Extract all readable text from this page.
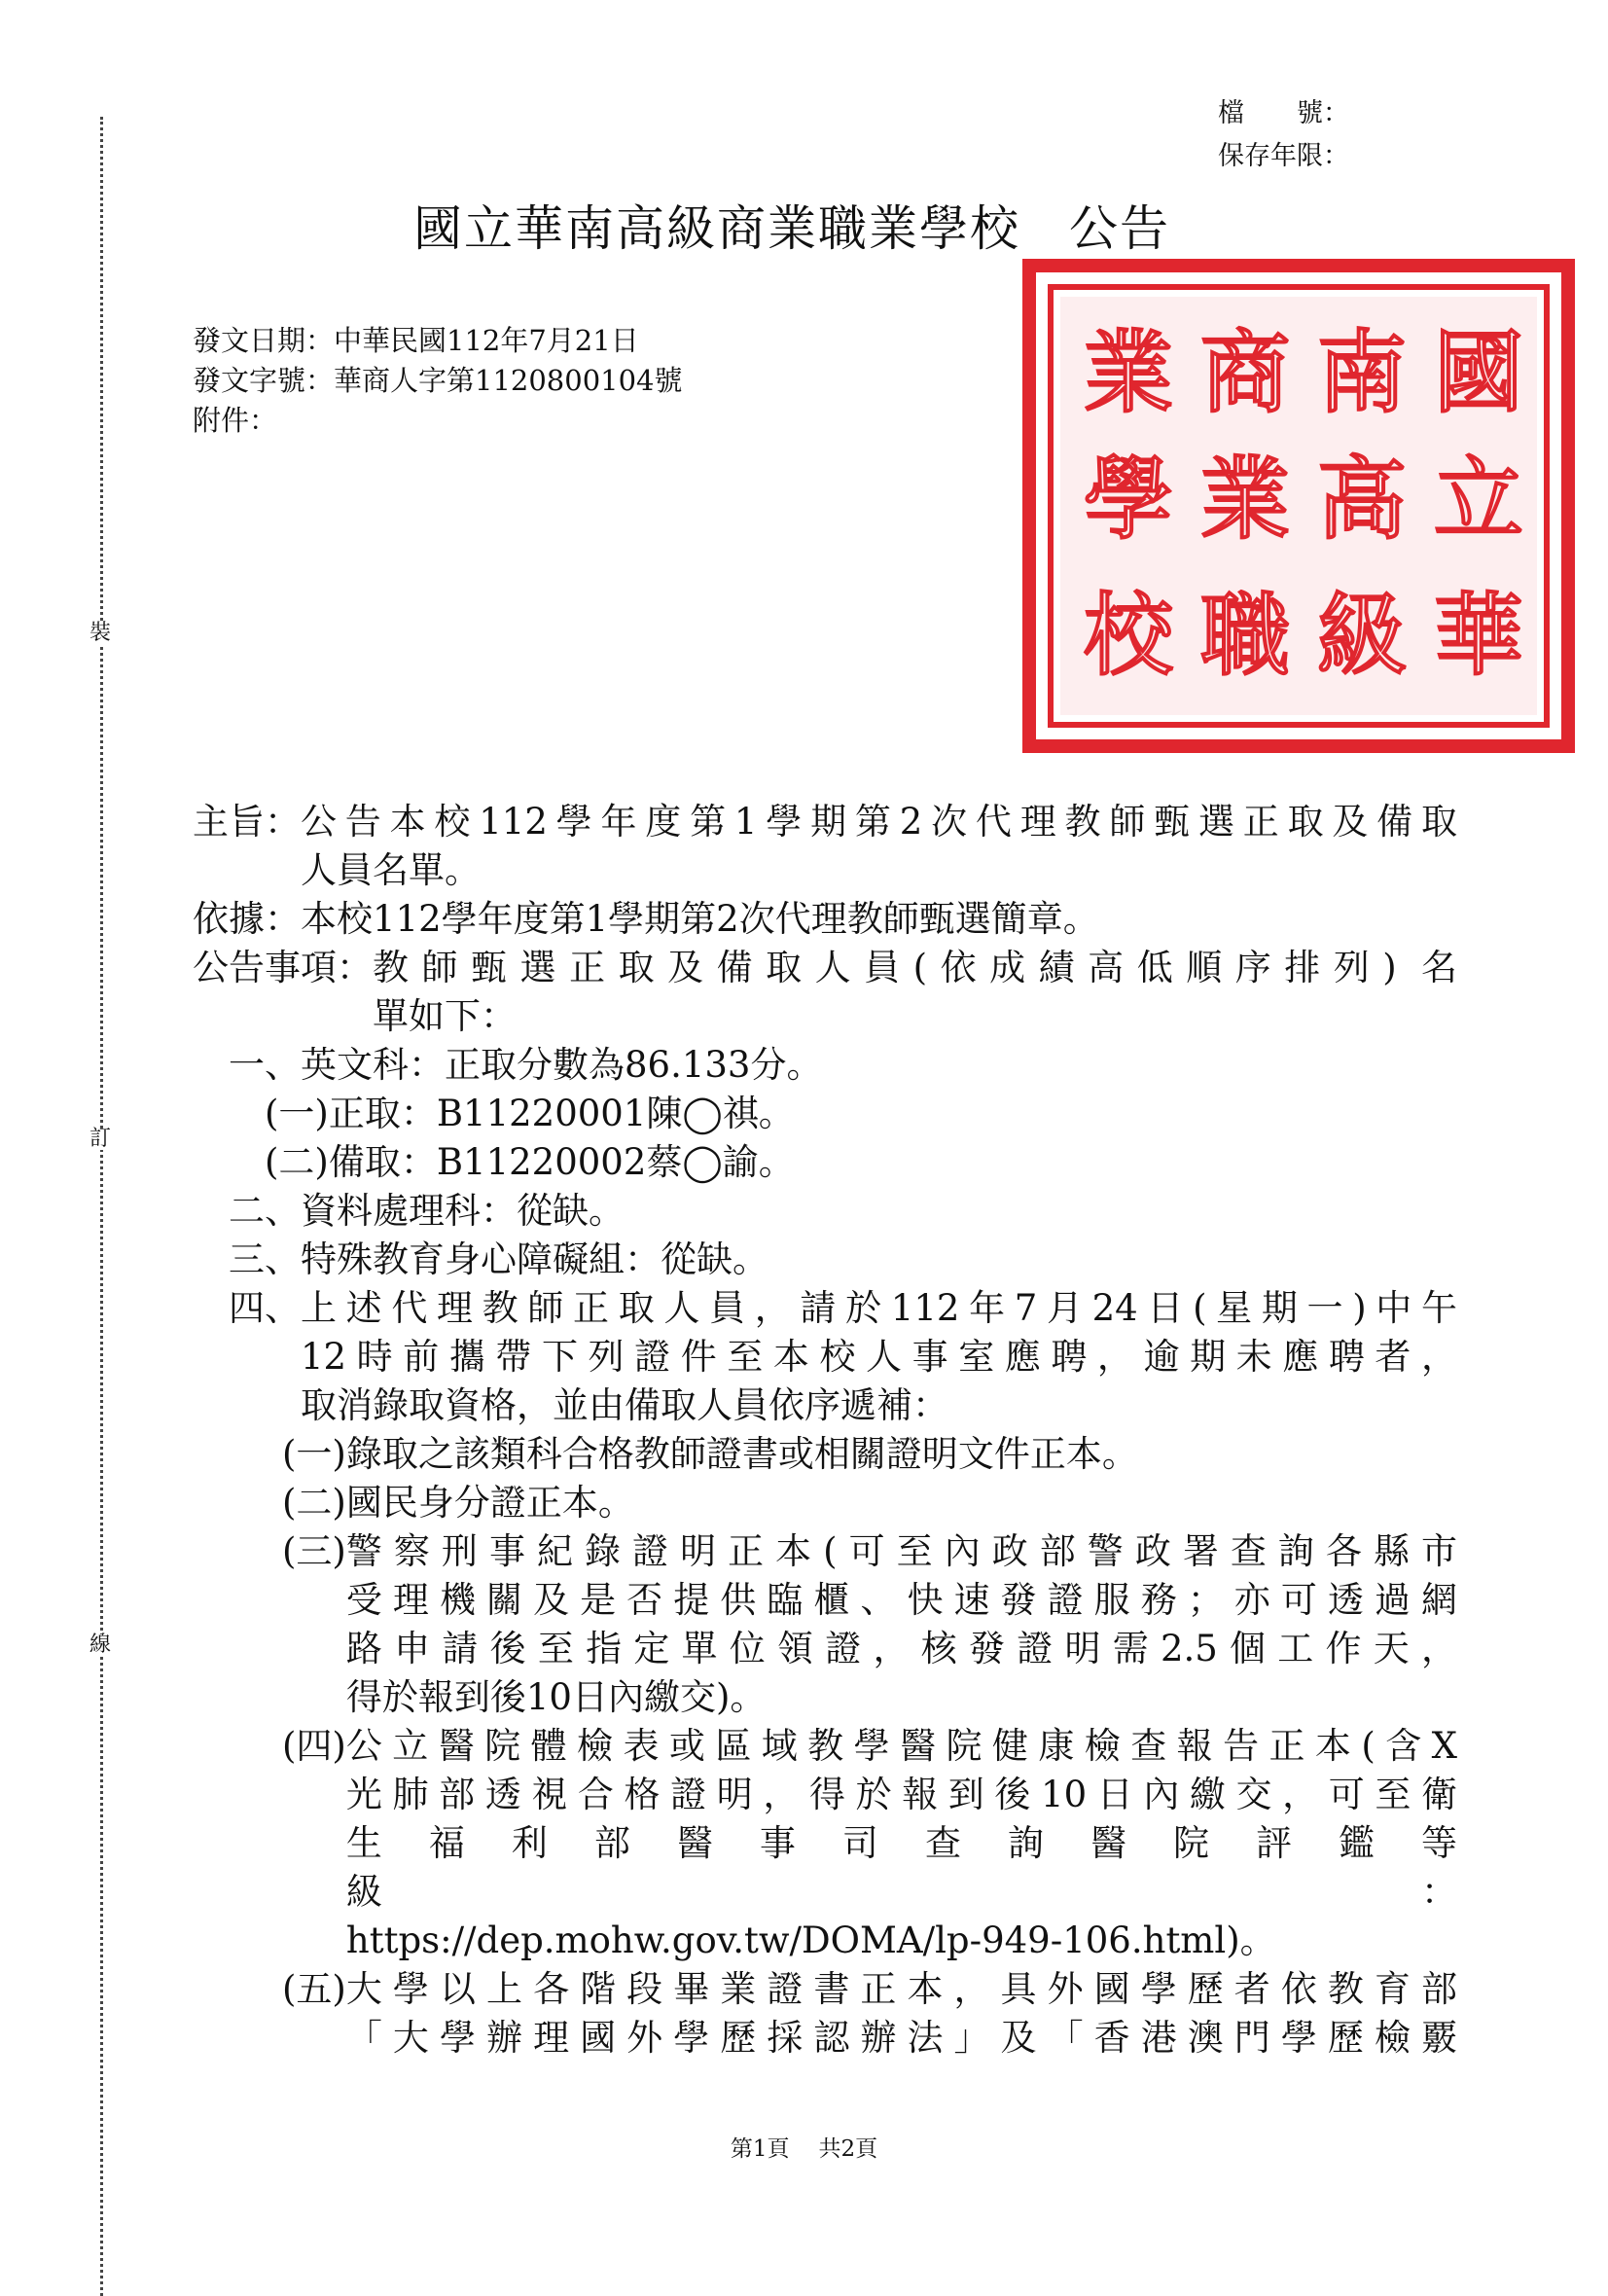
裝
訂
線
檔　　號：
保存年限：
國立華南高級商業職業學校 公告
發文日期：中華民國112年7月21日
發文字號：華商人字第1120800104號
附件：	國
立
華
南
高
級
商
業
職
業
學
校
主旨： 公告本校112學年度第1學期第2次代理教師甄選正取及備取
人員名單。
依據： 本校112學年度第1學期第2次代理教師甄選簡章。
公告事項： 教師甄選正取及備取人員(依成績高低順序排列) 名
單如下：
一、英文科：正取分數為86.133分。
(一)正取：B11220001陳◯祺。
(二)備取：B11220002蔡◯諭。
二、資料處理科：從缺。
三、特殊教育身心障礙組：從缺。
四、 上述代理教師正取人員，請於112年7月24日(星期一)中午
12時前攜帶下列證件至本校人事室應聘，逾期未應聘者，
取消錄取資格，並由備取人員依序遞補：
(一)錄取之該類科合格教師證書或相關證明文件正本。
(二)國民身分證正本。
(三) 警察刑事紀錄證明正本(可至內政部警政署查詢各縣市
受理機關及是否提供臨櫃、快速發證服務；亦可透過網
路申請後至指定單位領證，核發證明需2.5個工作天，
得於報到後10日內繳交)。
(四) 公立醫院體檢表或區域教學醫院健康檢查報告正本(含X
光肺部透視合格證明，得於報到後10日內繳交，可至衛
生　福　利　部　醫　事　司　查　詢　醫　院　評　鑑　等　級　：
https://dep.mohw.gov.tw/DOMA/lp-949-106.html)。
(五) 大學以上各階段畢業證書正本，具外國學歷者依教育部
「大學辦理國外學歷採認辦法」及「香港澳門學歷檢覈
第1頁 共2頁
